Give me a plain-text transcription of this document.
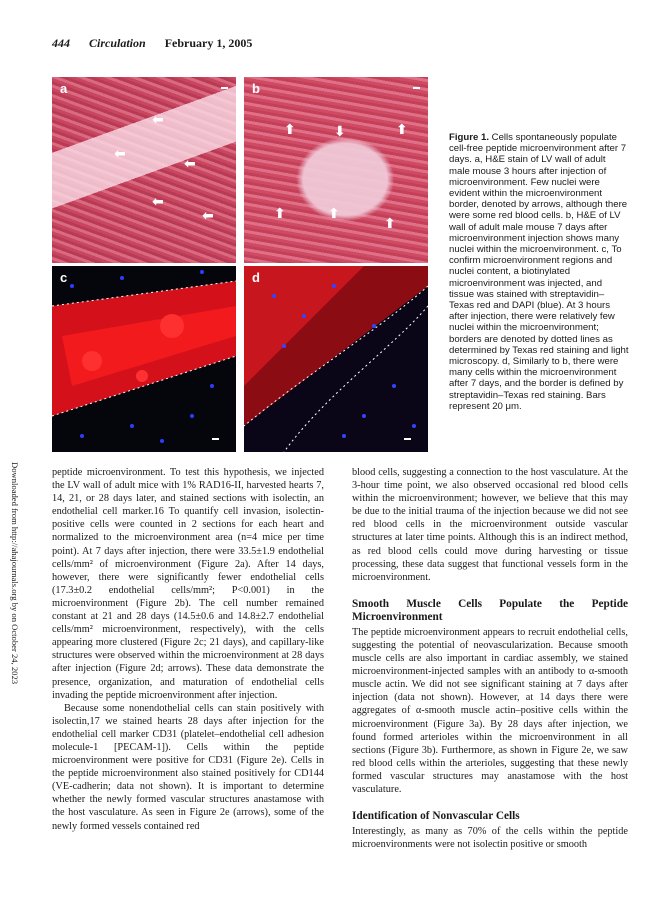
444 Circulation February 1, 2005
a
⬅
⬅
⬅
⬅
⬅
b
⬆	⬇	⬆
⬆	⬆
⬆
c	d
Figure 1. Cells spontaneously populate cell-free peptide microenvironment after 7 days. a, H&E stain of LV wall of adult male mouse 3 hours after injection of microenvironment. Few nuclei were evident within the microenvironment border, denoted by arrows, although there were some red blood cells. b, H&E of LV wall of adult male mouse 7 days after microenvironment injection shows many nuclei within the microenvironment. c, To confirm microenvironment regions and nuclei content, a biotinylated microenvironment was injected, and tissue was stained with streptavidin–Texas red and DAPI (blue). At 3 hours after injection, there were relatively few nuclei within the microenvironment; borders are denoted by dotted lines as determined by Texas red staining and light microscopy. d, Similarly to b, there were many cells within the microenvironment after 7 days, and the border is defined by streptavidin–Texas red staining. Bars represent 20 μm.
Downloaded from http://ahajournals.org by on October 24, 2023	peptide microenvironment. To test this hypothesis, we injected the LV wall of adult mice with 1% RAD16-II, harvested hearts 7, 14, 21, or 28 days later, and stained sections with isolectin, an endothelial cell marker.16 To quantify cell invasion, isolectin-positive cells were counted in 2 sections for each heart and normalized to the microenvironment area (n=4 mice per time point). At 7 days after injection, there were 33.5±1.9 endothelial cells/mm² of microenvironment (Figure 2a). After 14 days, however, there were significantly fewer endothelial cells (17.3±0.2 endothelial cells/mm²; P<0.001) in the microenvironment (Figure 2b). The cell number remained constant at 21 and 28 days (14.5±0.6 and 14.8±2.7 endothelial cells/mm² microenvironment, respectively), with the cells appearing more clustered (Figure 2c; 21 days), and capillary-like structures were observed within the microenvironment at 28 days after injection (Figure 2d; arrows). These data demonstrate the presence, organization, and maturation of endothelial cells invading the peptide microenvironment after injection.

Because some nonendothelial cells can stain positively with isolectin,17 we stained hearts 28 days after injection for the endothelial cell marker CD31 (platelet–endothelial cell adhesion molecule-1 [PECAM-1]). Cells within the peptide microenvironment were positive for CD31 (Figure 2e). Cells in the peptide microenvironment also stained positively for CD144 (VE-cadherin; data not shown). It is important to determine whether the newly formed vascular structures anastamose with the host vasculature. As seen in Figure 2e (arrows), some of the newly formed vessels contained red

blood cells, suggesting a connection to the host vasculature. At the 3-hour time point, we also observed occasional red blood cells within the microenvironment; however, we believe that this may be due to the initial trauma of the injection because we did not see red blood cells in the microenvironment outside vascular structures at later time points. Although this is an indirect method, as red blood cells could move during harvesting or tissue processing, these data suggest that functional vessels form in the microenvironment.

Smooth Muscle Cells Populate the Peptide Microenvironment

The peptide microenvironment appears to recruit endothelial cells, suggesting the potential of neovascularization. Because smooth muscle cells are also important in cardiac assembly, we stained microenvironment-injected samples with an antibody to α-smooth muscle actin. We did not see significant staining at 7 days after injection (data not shown). However, at 14 days there were aggregates of α-smooth muscle actin–positive cells within the microenvironment (Figure 3a). By 28 days after injection, we found formed arterioles within the microenvironment in all sections (Figure 3b). Furthermore, as shown in Figure 2e, we saw red blood cells within the arterioles, suggesting that these newly formed vascular structures may anastamose with the host vasculature.

Identification of Nonvascular Cells

Interestingly, as many as 70% of the cells within the peptide microenvironments were not isolectin positive or smooth
